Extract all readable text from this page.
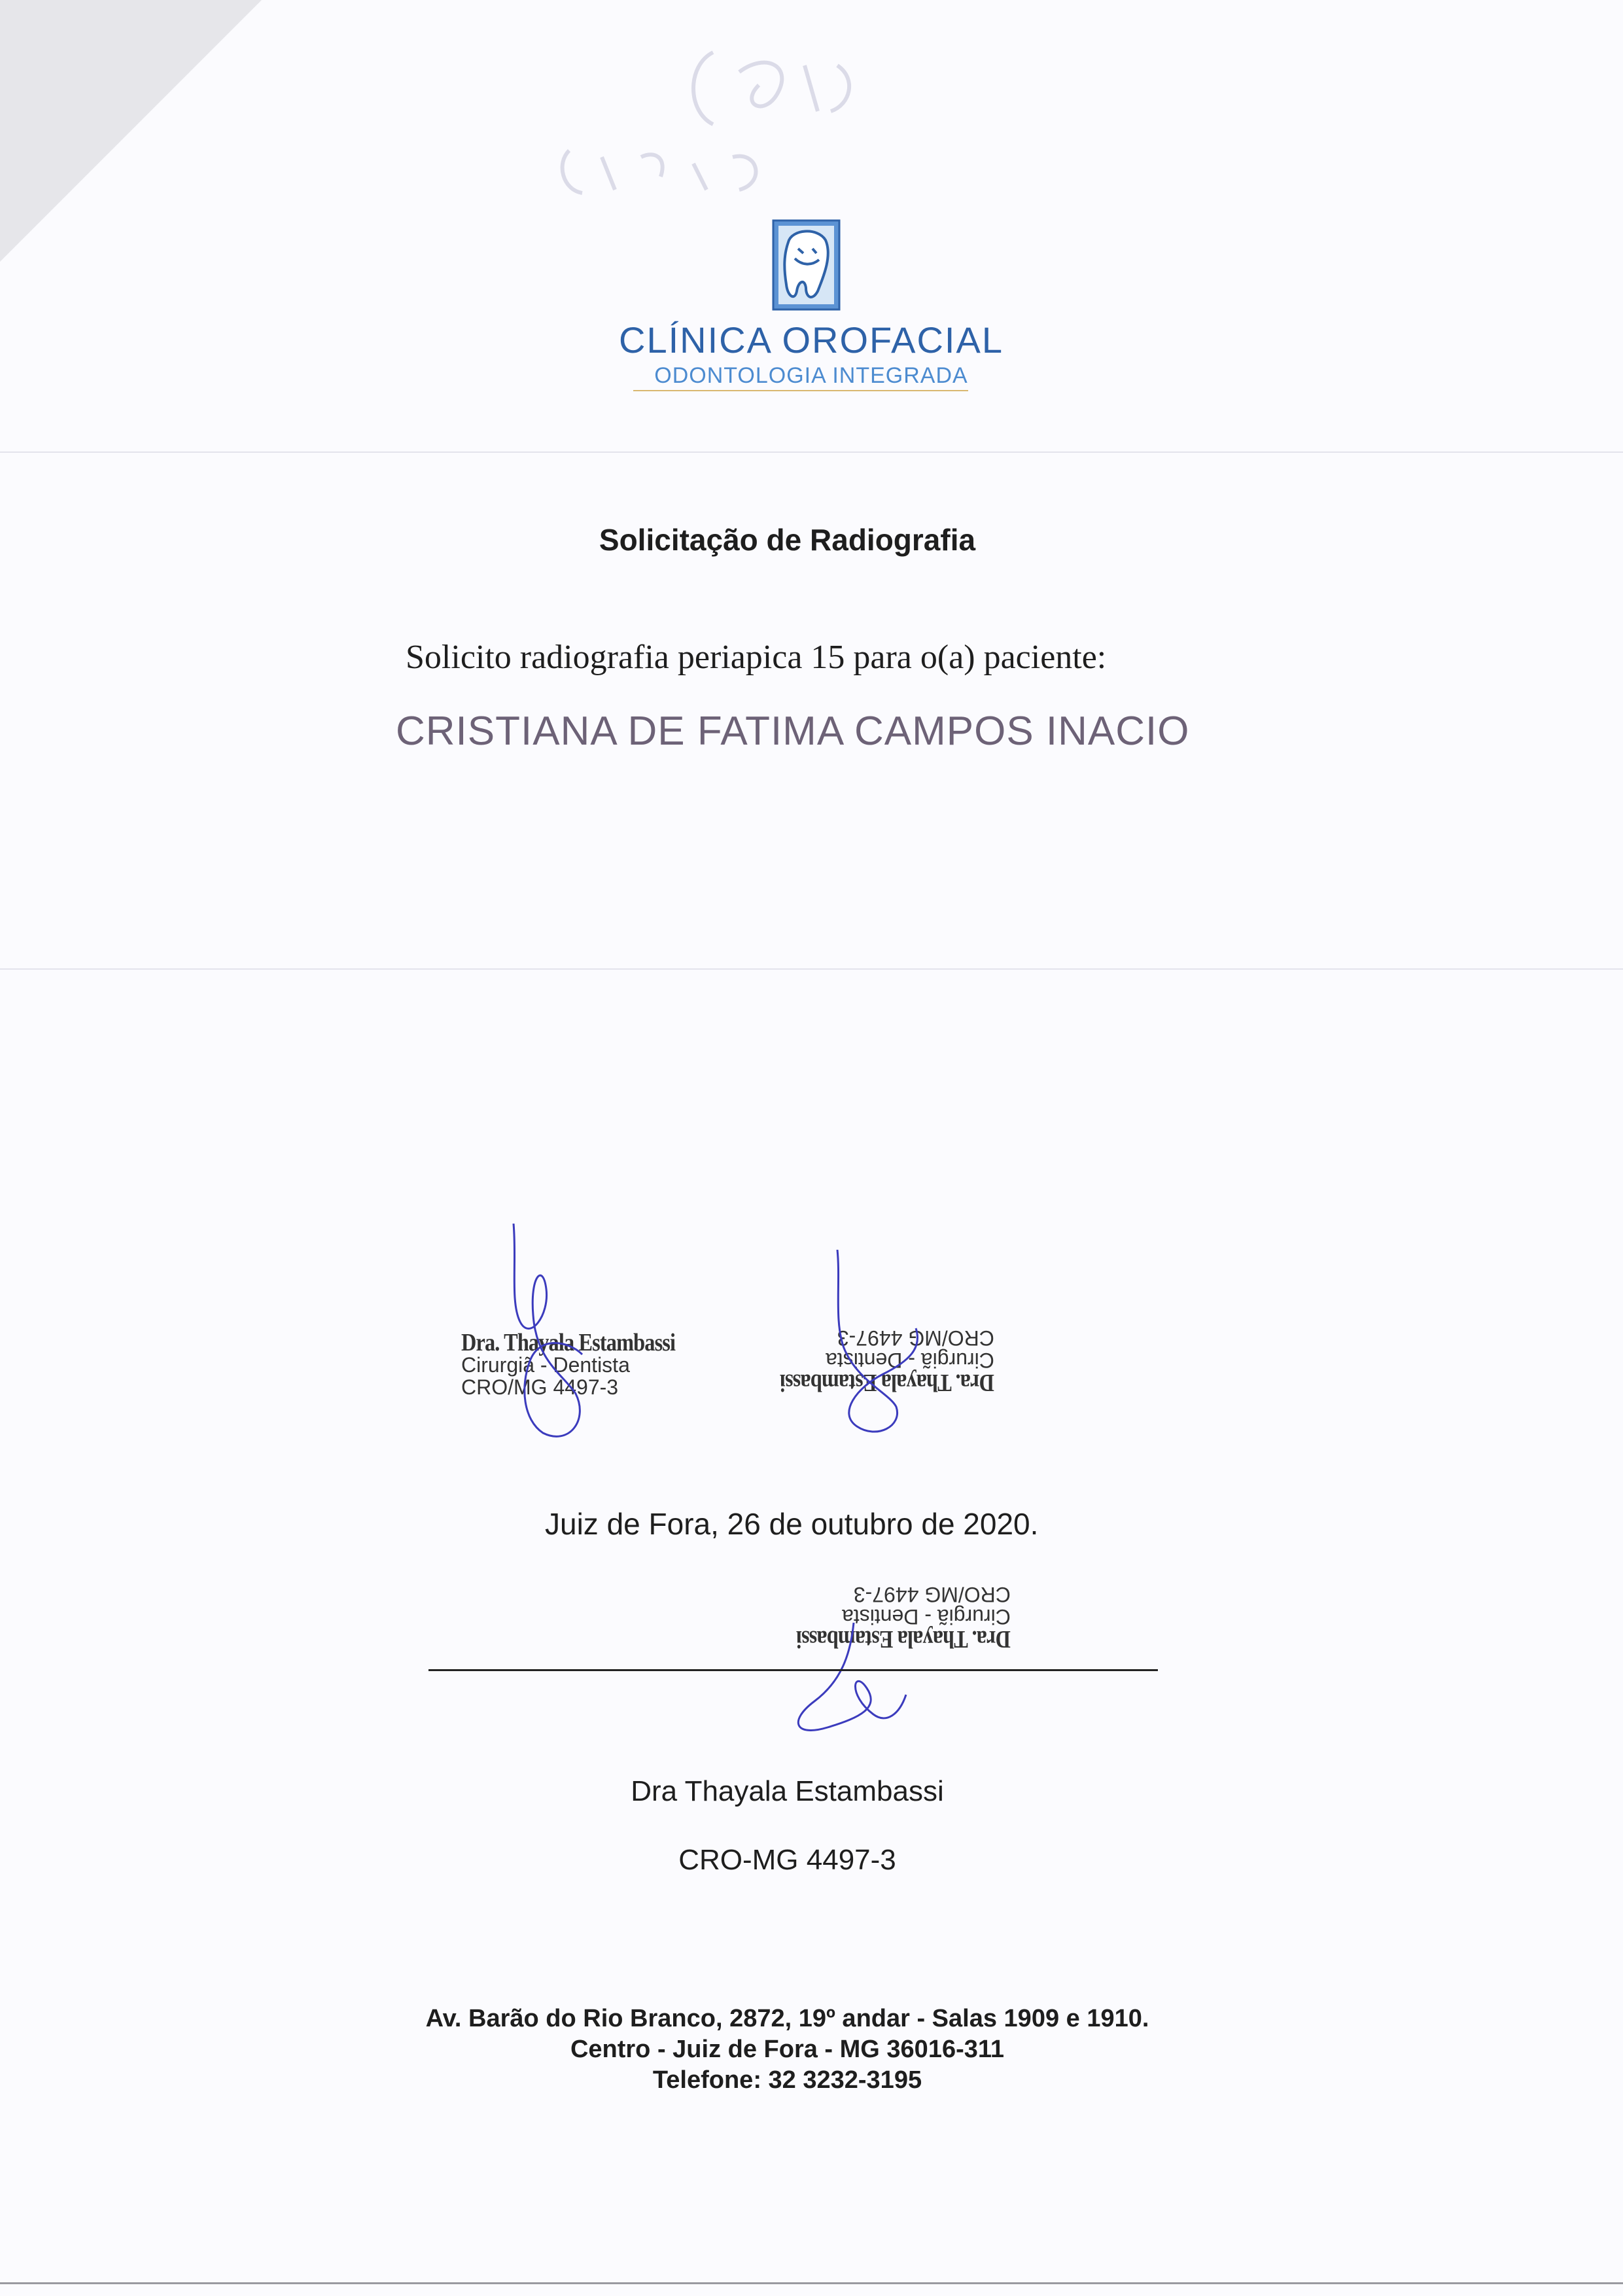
CLÍNICA OROFACIAL
ODONTOLOGIA INTEGRADA
Solicitação de Radiografia
Solicito radiografia periapica 15 para o(a) paciente:
CRISTIANA DE FATIMA CAMPOS INACIO
Dra. Thayala Estambassi
Cirurgiã - Dentista
CRO/MG 4497-3	Dra. Thayala Estambassi
Cirurgiã - Dentista
CRO/MG 4497-3
Dra. Thayala Estambassi
Cirurgiã - Dentista
CRO/MG 4497-3
Juiz de Fora, 26 de outubro de 2020.
Dra Thayala Estambassi
CRO-MG 4497-3
Av. Barão do Rio Branco, 2872, 19º andar - Salas 1909 e 1910.
Centro - Juiz de Fora - MG 36016-311
Telefone: 32 3232-3195
